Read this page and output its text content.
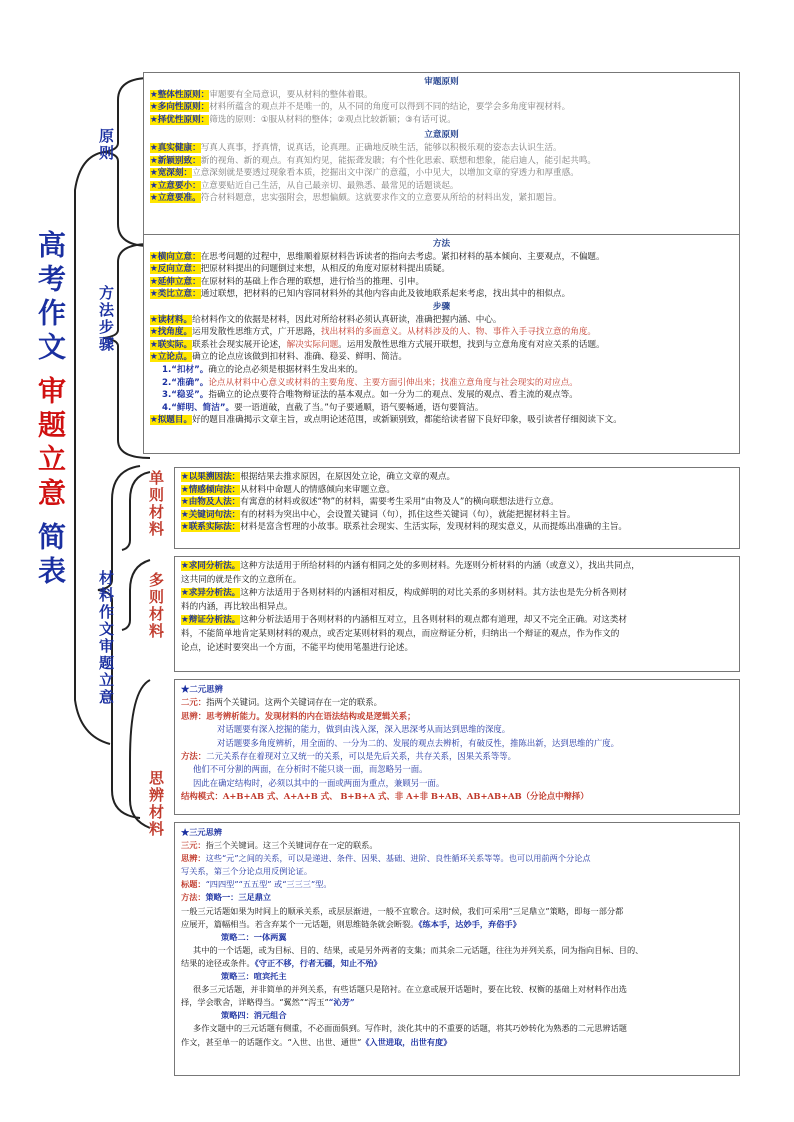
高考作文审题立意简表
原则
方法步骤
材料作文审题立意
单则材料
多则材料
思辨材料
审题原则
★整体性原则：审题要有全局意识，要从材料的整体着眼。
★多向性原则：材料所蕴含的观点并不是唯一的，从不同的角度可以得到不同的结论，要学会多角度审视材料。
★择优性原则：筛选的原则：①服从材料的整体；②观点比较新颖；③有话可说。
立意原则
★真实健康：写真人真事，抒真情，说真话，论真理。正确地反映生活，能够以积极乐观的姿态去认识生活。
★新颖别致：新的视角、新的观点。有真知灼见，能振聋发聩；有个性化思索、联想和想象，能启迪人，能引起共鸣。
★宽深刻：立意深刻就是要透过现象看本质，挖掘出文中深广的意蕴，小中见大，以增加文章的穿透力和厚重感。
★立意要小：立意要贴近自己生活，从自己最亲切、最熟悉、最常见的话题谈起。
★立意要准。符合材料题意，忠实强附会，思想偏颇。这就要求作文的立意要从所给的材料出发，紧扣题旨。
方法
★横向立意：在思考问题的过程中，思维顺着原材料告诉读者的指向去考虑。紧扣材料的基本倾向、主要观点，不偏题。
★反向立意：把原材料提出的问题倒过来想，从相反的角度对原材料提出质疑。
★延伸立意：在原材料的基础上作合理的联想，进行恰当的推理、引申。
★类比立意：通过联想，把材料的已知内容同材料外的其他内容由此及彼地联系起来考虑，找出其中的相似点。
步骤
★读材料。给材料作文的依据是材料，因此对所给材料必须认真研读，准确把握内涵、中心。
★找角度。运用发散性思维方式，广开思路，找出材料的多面意义。从材料涉及的人、物、事件入手寻找立意的角度。
★联实际。联系社会现实展开论述，解决实际问题。运用发散性思维方式展开联想，找到与立意角度有对应关系的话题。
★立论点。确立的论点应该做到扣材料、准确、稳妥、鲜明、简洁。
1.“扣材”。确立的论点必须是根据材料生发出来的。
2.“准确”。论点从材料中心意义或材料的主要角度、主要方面引伸出来；找准立意角度与社会现实的对应点。
3.“稳妥”。指确立的论点要符合唯物辩证法的基本观点。如一分为二的观点、发展的观点、看主流的观点等。
4.“鲜明、简洁”。要一语道破，直截了当。”句子要通顺，语气要畅通，语句要简洁。
★拟题目。好的题目准确揭示文章主旨，或点明论述范围，或新颖别致，都能给读者留下良好印象，吸引读者仔细阅读下文。
★以果溯因法：根据结果去推求原因，在原因处立论，确立文章的观点。
★情感倾向法：从材料中命题人的情感倾向来审题立意。
★由物及人法：有寓意的材料或叙述“物”的材料，需要考生采用“由物及人”的横向联想法进行立意。
★关键词句法：有的材料为突出中心，会设置关键词（句），抓住这些关键词（句），就能把握材料主旨。
★联系实际法：材料是富含哲理的小故事。联系社会现实、生活实际，发现材料的现实意义，从而提炼出准确的主旨。
★求同分析法。这种方法适用于所给材料的内涵有相同之处的多则材料。先逐则分析材料的内涵（或意义），找出共同点，
这共同的就是作文的立意所在。
★求异分析法。这种方法适用于各则材料的内涵相对相反，构成鲜明的对比关系的多则材料。其方法也是先分析各则材
料的内涵，再比较出相异点。
★辩证分析法。这种分析法适用于各则材料的内涵相互对立，且各则材料的观点都有道理，却又不完全正确。对这类材
料，不能简单地肯定某则材料的观点，或否定某则材料的观点，而应辩证分析，归纳出一个辩证的观点，作为作文的
论点，论述时要突出一个方面，不能平均使用笔墨进行论述。
★二元思辨
二元：指两个关键词。这两个关键词存在一定的联系。
思辨：思考辨析能力。发现材料的内在语法结构或是逻辑关系；
对话题要有深入挖掘的能力，做到由浅入深，深入思深考从而达到思维的深度。
对话题要多角度辨析，用全面的、一分为二的、发展的观点去辨析，有破反性，推陈出新，达到思维的广度。
方法：二元关系存在着现对立又统一的关系，可以是先后关系，共存关系，因果关系等等。
他们不可分割的两面，在分析时不能只谈一面，而忽略另一面。
因此在确定结构时，必须以其中的一面或两面为重点，兼顾另一面。
结构模式：A+B+AB 式、A+A+B 式、 B+B+A 式、非 A+非 B+AB、AB+AB+AB（分论点中辩择）
★三元思辨
三元：指三个关键词。这三个关键词存在一定的联系。
思辨：这些“元”之间的关系，可以是递进、条件、因果、基础、进阶、良性循环关系等等。也可以用前两个分论点
写关系，第三个分论点用反例论证。
标题：“四四型”“五五型” 或“三三三”型。
方法：策略一：三足鼎立
一般三元话题如果为时间上的顺承关系，或层层渐进，一般不宜歌合。这时候，我们可采用“三足鼎立”策略，即每一部分都
应展开，篇幅相当。若含弃某个一元话题，则思维链条就会断裂。《练本手，达妙手，弃俗手》
策略二：一体两翼
其中的一个话题，或为目标、目的、结果，或是另外两者的支集；而其余二元话题，往往为并列关系，同为指向目标、目的、
结果的途径或条件。《守正不移，行者无疆，知止不殆》
策略三：喧宾托主
很多三元话题，并非简单的并列关系，有些话题只是陪衬。在立意或展开话题时，要在比较、权衡的基础上对材料作出选
择，学会歌舍，详略得当。“翼然”“泻玉”“沁芳”
策略四：消元组合
多作文题中的三元话题有侧重，不必面面俱到。写作时，淡化其中的不重要的话题，将其巧妙转化为熟悉的二元思辨话题
作文，甚至单一的话题作文。“入世、出世、通世”《入世进取，出世有度》
